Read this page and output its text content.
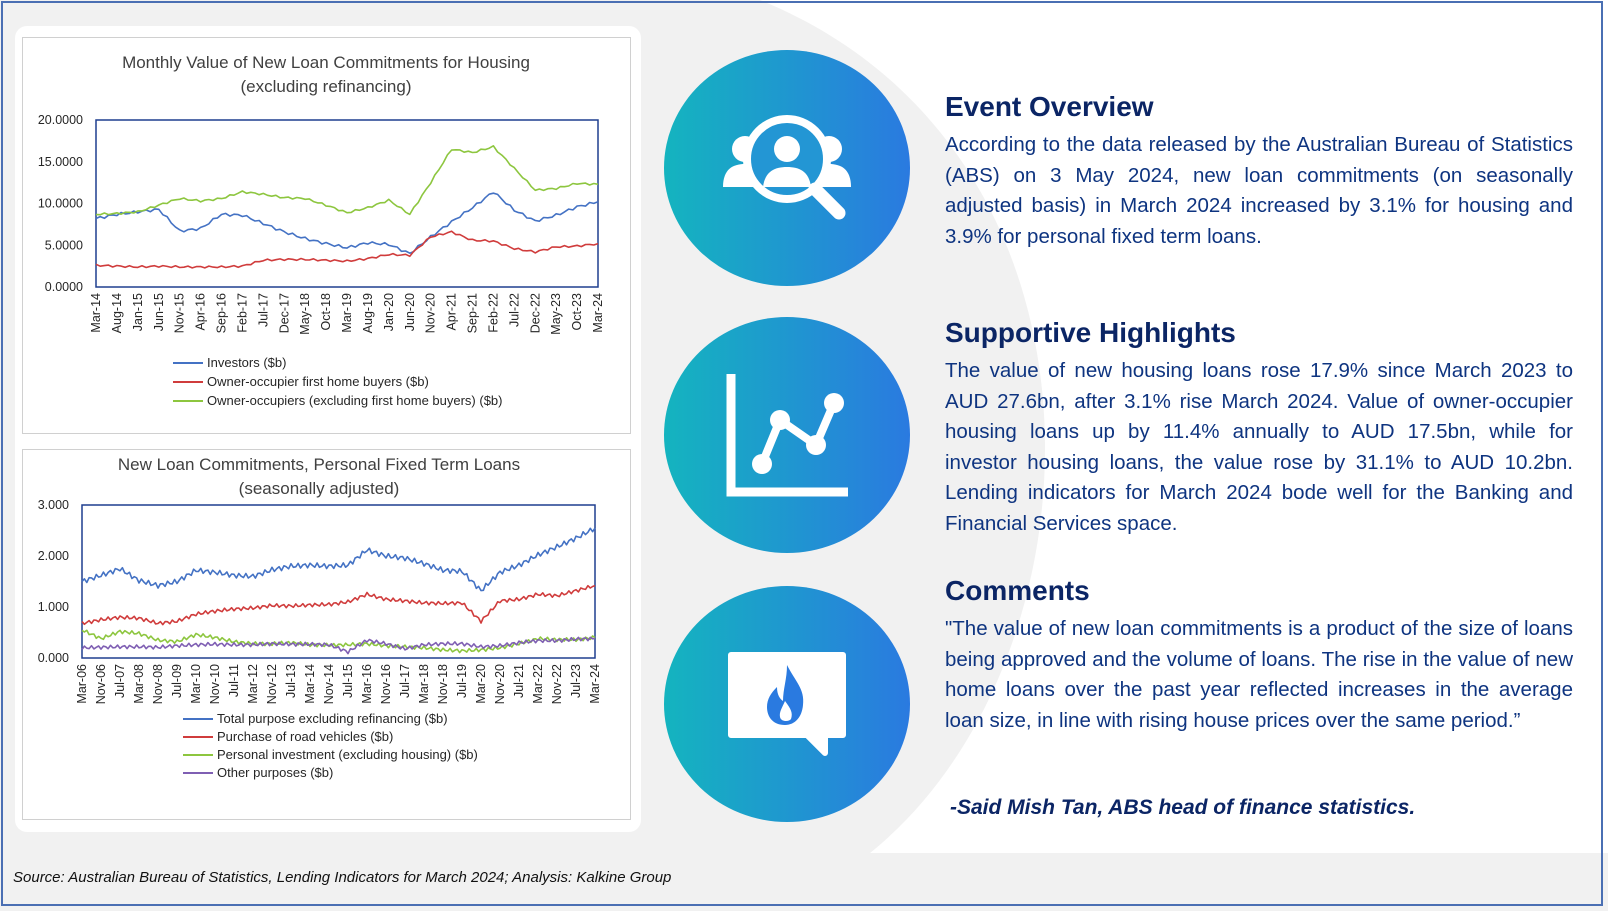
Monthly Value of New Loan Commitments for Housing
(excluding refinancing)
0.0000
5.0000
10.0000
15.0000
20.0000
Mar-14 Aug-14 Jan-15 Jun-15 Nov-15 Apr-16 Sep-16 Feb-17 Jul-17 Dec-17 May-18 Oct-18 Mar-19 Aug-19 Jan-20 Jun-20 Nov-20 Apr-21 Sep-21 Feb-22 Jul-22 Dec-22 May-23 Oct-23 Mar-24
Investors ($b)
Owner-occupier first home buyers ($b)
Owner-occupiers (excluding first home buyers) ($b)
New Loan Commitments, Personal Fixed Term Loans
(seasonally adjusted)
0.000
1.000
2.000
3.000
Mar-06 Nov-06 Jul-07 Mar-08 Nov-08 Jul-09 Mar-10 Nov-10 Jul-11 Mar-12 Nov-12 Jul-13 Mar-14 Nov-14 Jul-15 Mar-16 Nov-16 Jul-17 Mar-18 Nov-18 Jul-19 Mar-20 Nov-20 Jul-21 Mar-22 Nov-22 Jul-23 Mar-24
Total purpose excluding refinancing ($b)
Purchase of road vehicles ($b)
Personal investment (excluding housing) ($b)
Other purposes ($b)
Event Overview

According to the data released by the Australian Bureau of Statistics (ABS) on 3 May 2024, new loan commitments (on seasonally adjusted basis) in March 2024 increased by 3.1% for housing and 3.9% for personal fixed term loans.

Supportive Highlights

The value of new housing loans rose 17.9% since March 2023 to AUD 27.6bn, after 3.1% rise March 2024. Value of owner-occupier housing loans up by 11.4% annually to AUD 17.5bn, while for investor housing loans, the value rose by 31.1% to AUD 10.2bn. Lending indicators for March 2024 bode well for the Banking and Financial Services space.

Comments

"The value of new loan commitments is a product of the size of loans being approved and the volume of loans. The rise in the value of new home loans over the past year reflected increases in the average loan size, in line with rising house prices over the same period.”

-Said Mish Tan, ABS head of finance statistics.
Source: Australian Bureau of Statistics, Lending Indicators for March 2024; Analysis: Kalkine Group
